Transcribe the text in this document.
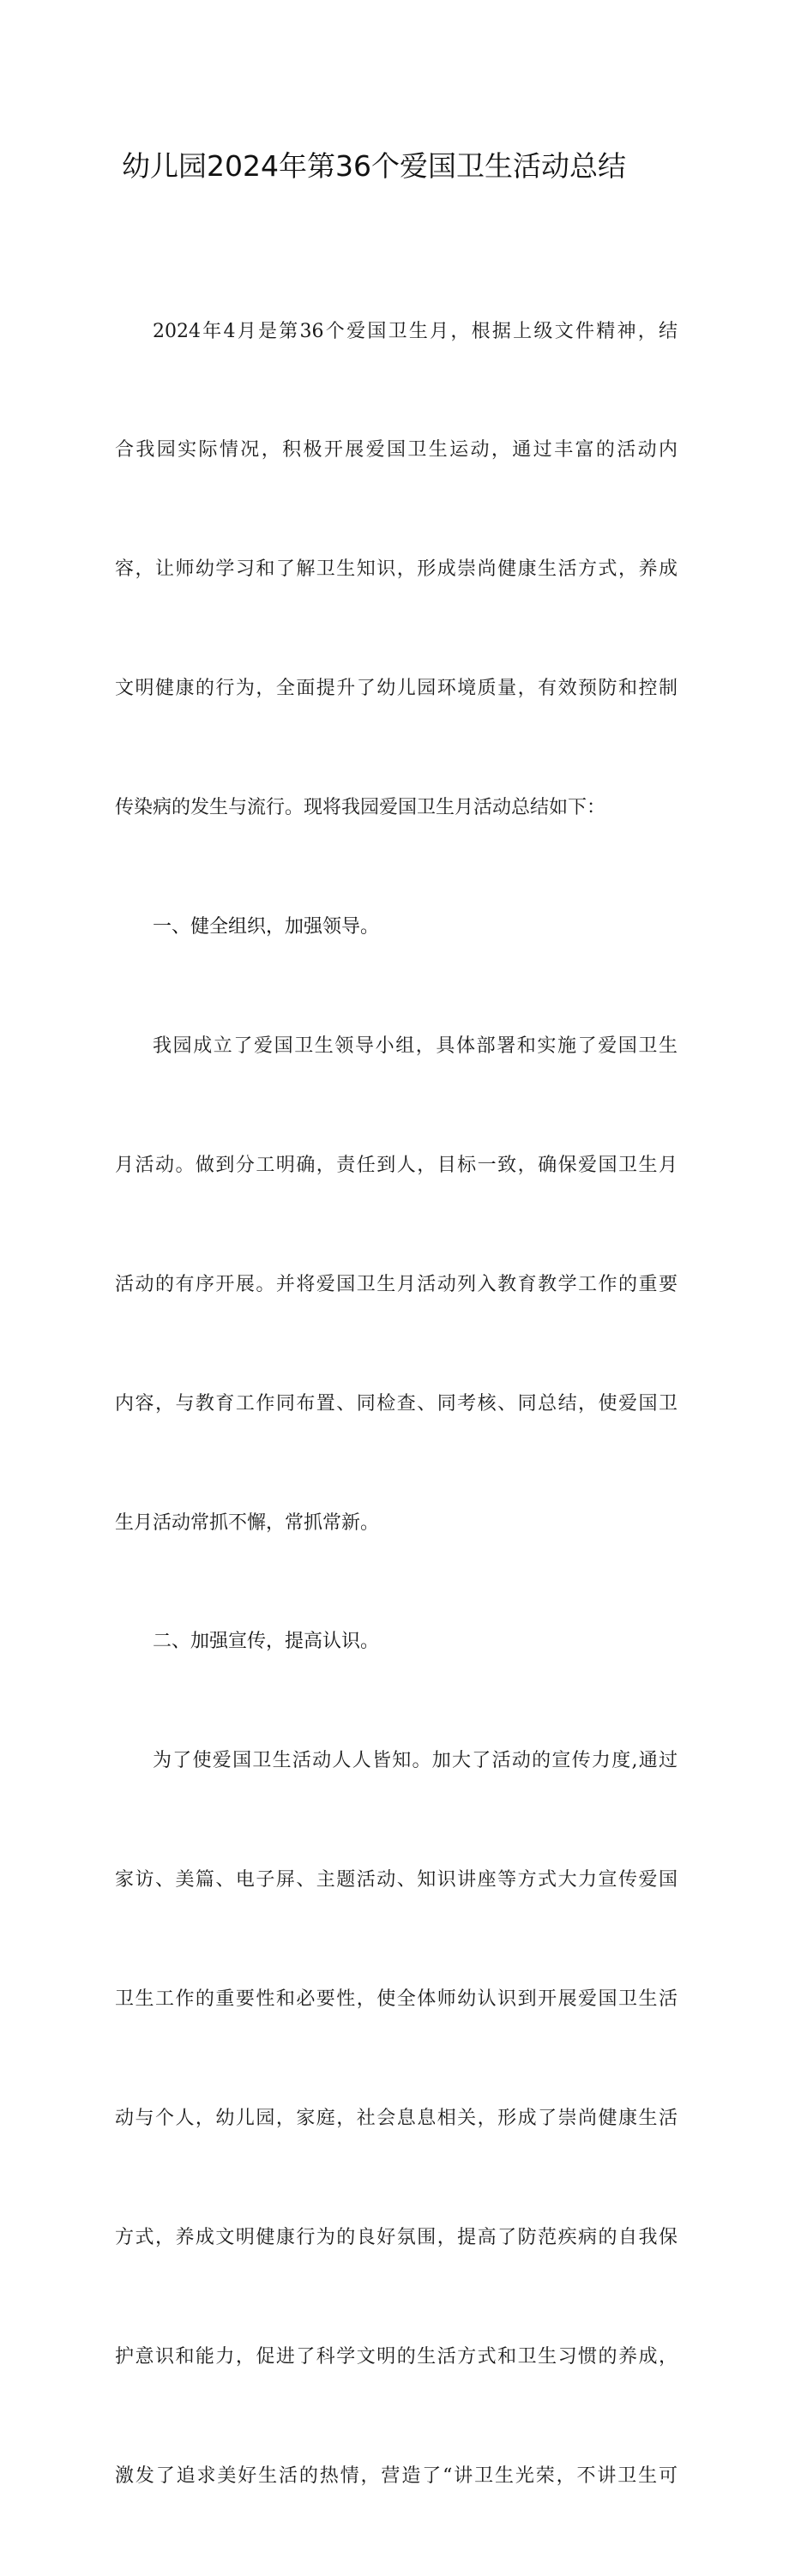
幼儿园2024年第36个爱国卫生活动总结

2024年4月是第36个爱国卫生月，根据上级文件精神，结

合我园实际情况，积极开展爱国卫生运动，通过丰富的活动内

容，让师幼学习和了解卫生知识，形成崇尚健康生活方式，养成

文明健康的行为，全面提升了幼儿园环境质量，有效预防和控制

传染病的发生与流行。现将我园爱国卫生月活动总结如下：

一、健全组织，加强领导。

我园成立了爱国卫生领导小组，具体部署和实施了爱国卫生

月活动。做到分工明确，责任到人，目标一致，确保爱国卫生月

活动的有序开展。并将爱国卫生月活动列入教育教学工作的重要

内容，与教育工作同布置、同检查、同考核、同总结，使爱国卫

生月活动常抓不懈，常抓常新。

二、加强宣传，提高认识。

为了使爱国卫生活动人人皆知。加大了活动的宣传力度,通过

家访、美篇、电子屏、主题活动、知识讲座等方式大力宣传爱国

卫生工作的重要性和必要性，使全体师幼认识到开展爱国卫生活

动与个人，幼儿园，家庭，社会息息相关，形成了崇尚健康生活

方式，养成文明健康行为的良好氛围，提高了防范疾病的自我保

护意识和能力，促进了科学文明的生活方式和卫生习惯的养成，

激发了追求美好生活的热情，营造了“讲卫生光荣，不讲卫生可
